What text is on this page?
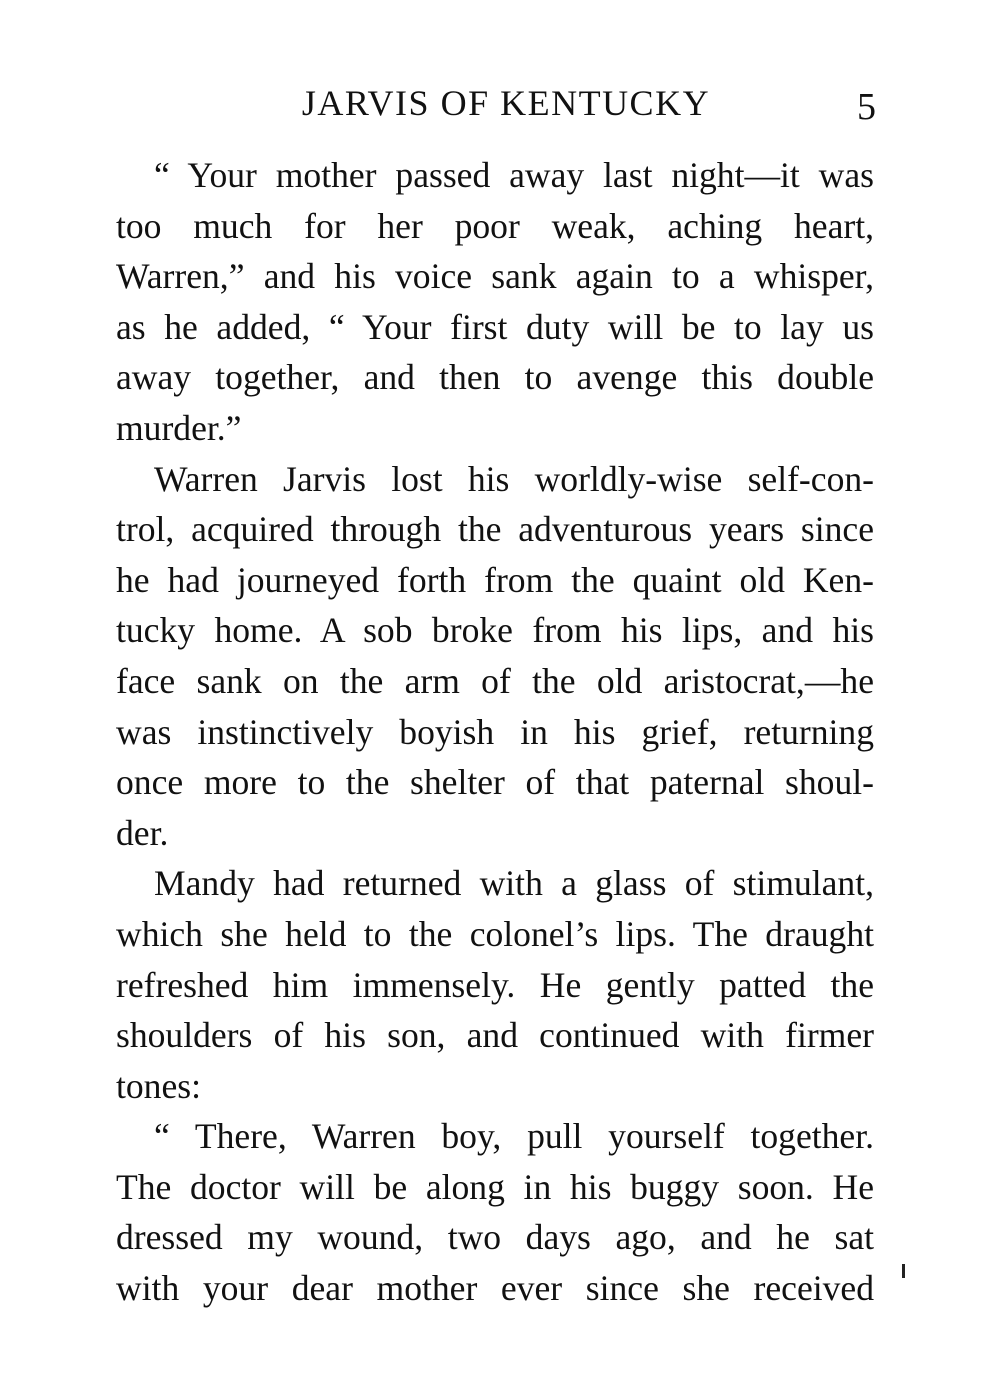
JARVIS OF KENTUCKY	5
“ Your mother passed away last night—it was
too much for her poor weak, aching heart,
Warren,” and his voice sank again to a whisper,
as he added, “ Your first duty will be to lay us
away together, and then to avenge this double
murder.”
Warren Jarvis lost his worldly-wise self-con-
trol, acquired through the adventurous years since
he had journeyed forth from the quaint old Ken-
tucky home. A sob broke from his lips, and his
face sank on the arm of the old aristocrat,—he
was instinctively boyish in his grief, returning
once more to the shelter of that paternal shoul-
der.
Mandy had returned with a glass of stimulant,
which she held to the colonel’s lips. The draught
refreshed him immensely. He gently patted the
shoulders of his son, and continued with firmer
tones:
“ There, Warren boy, pull yourself together.
The doctor will be along in his buggy soon. He
dressed my wound, two days ago, and he sat
with your dear mother ever since she received
